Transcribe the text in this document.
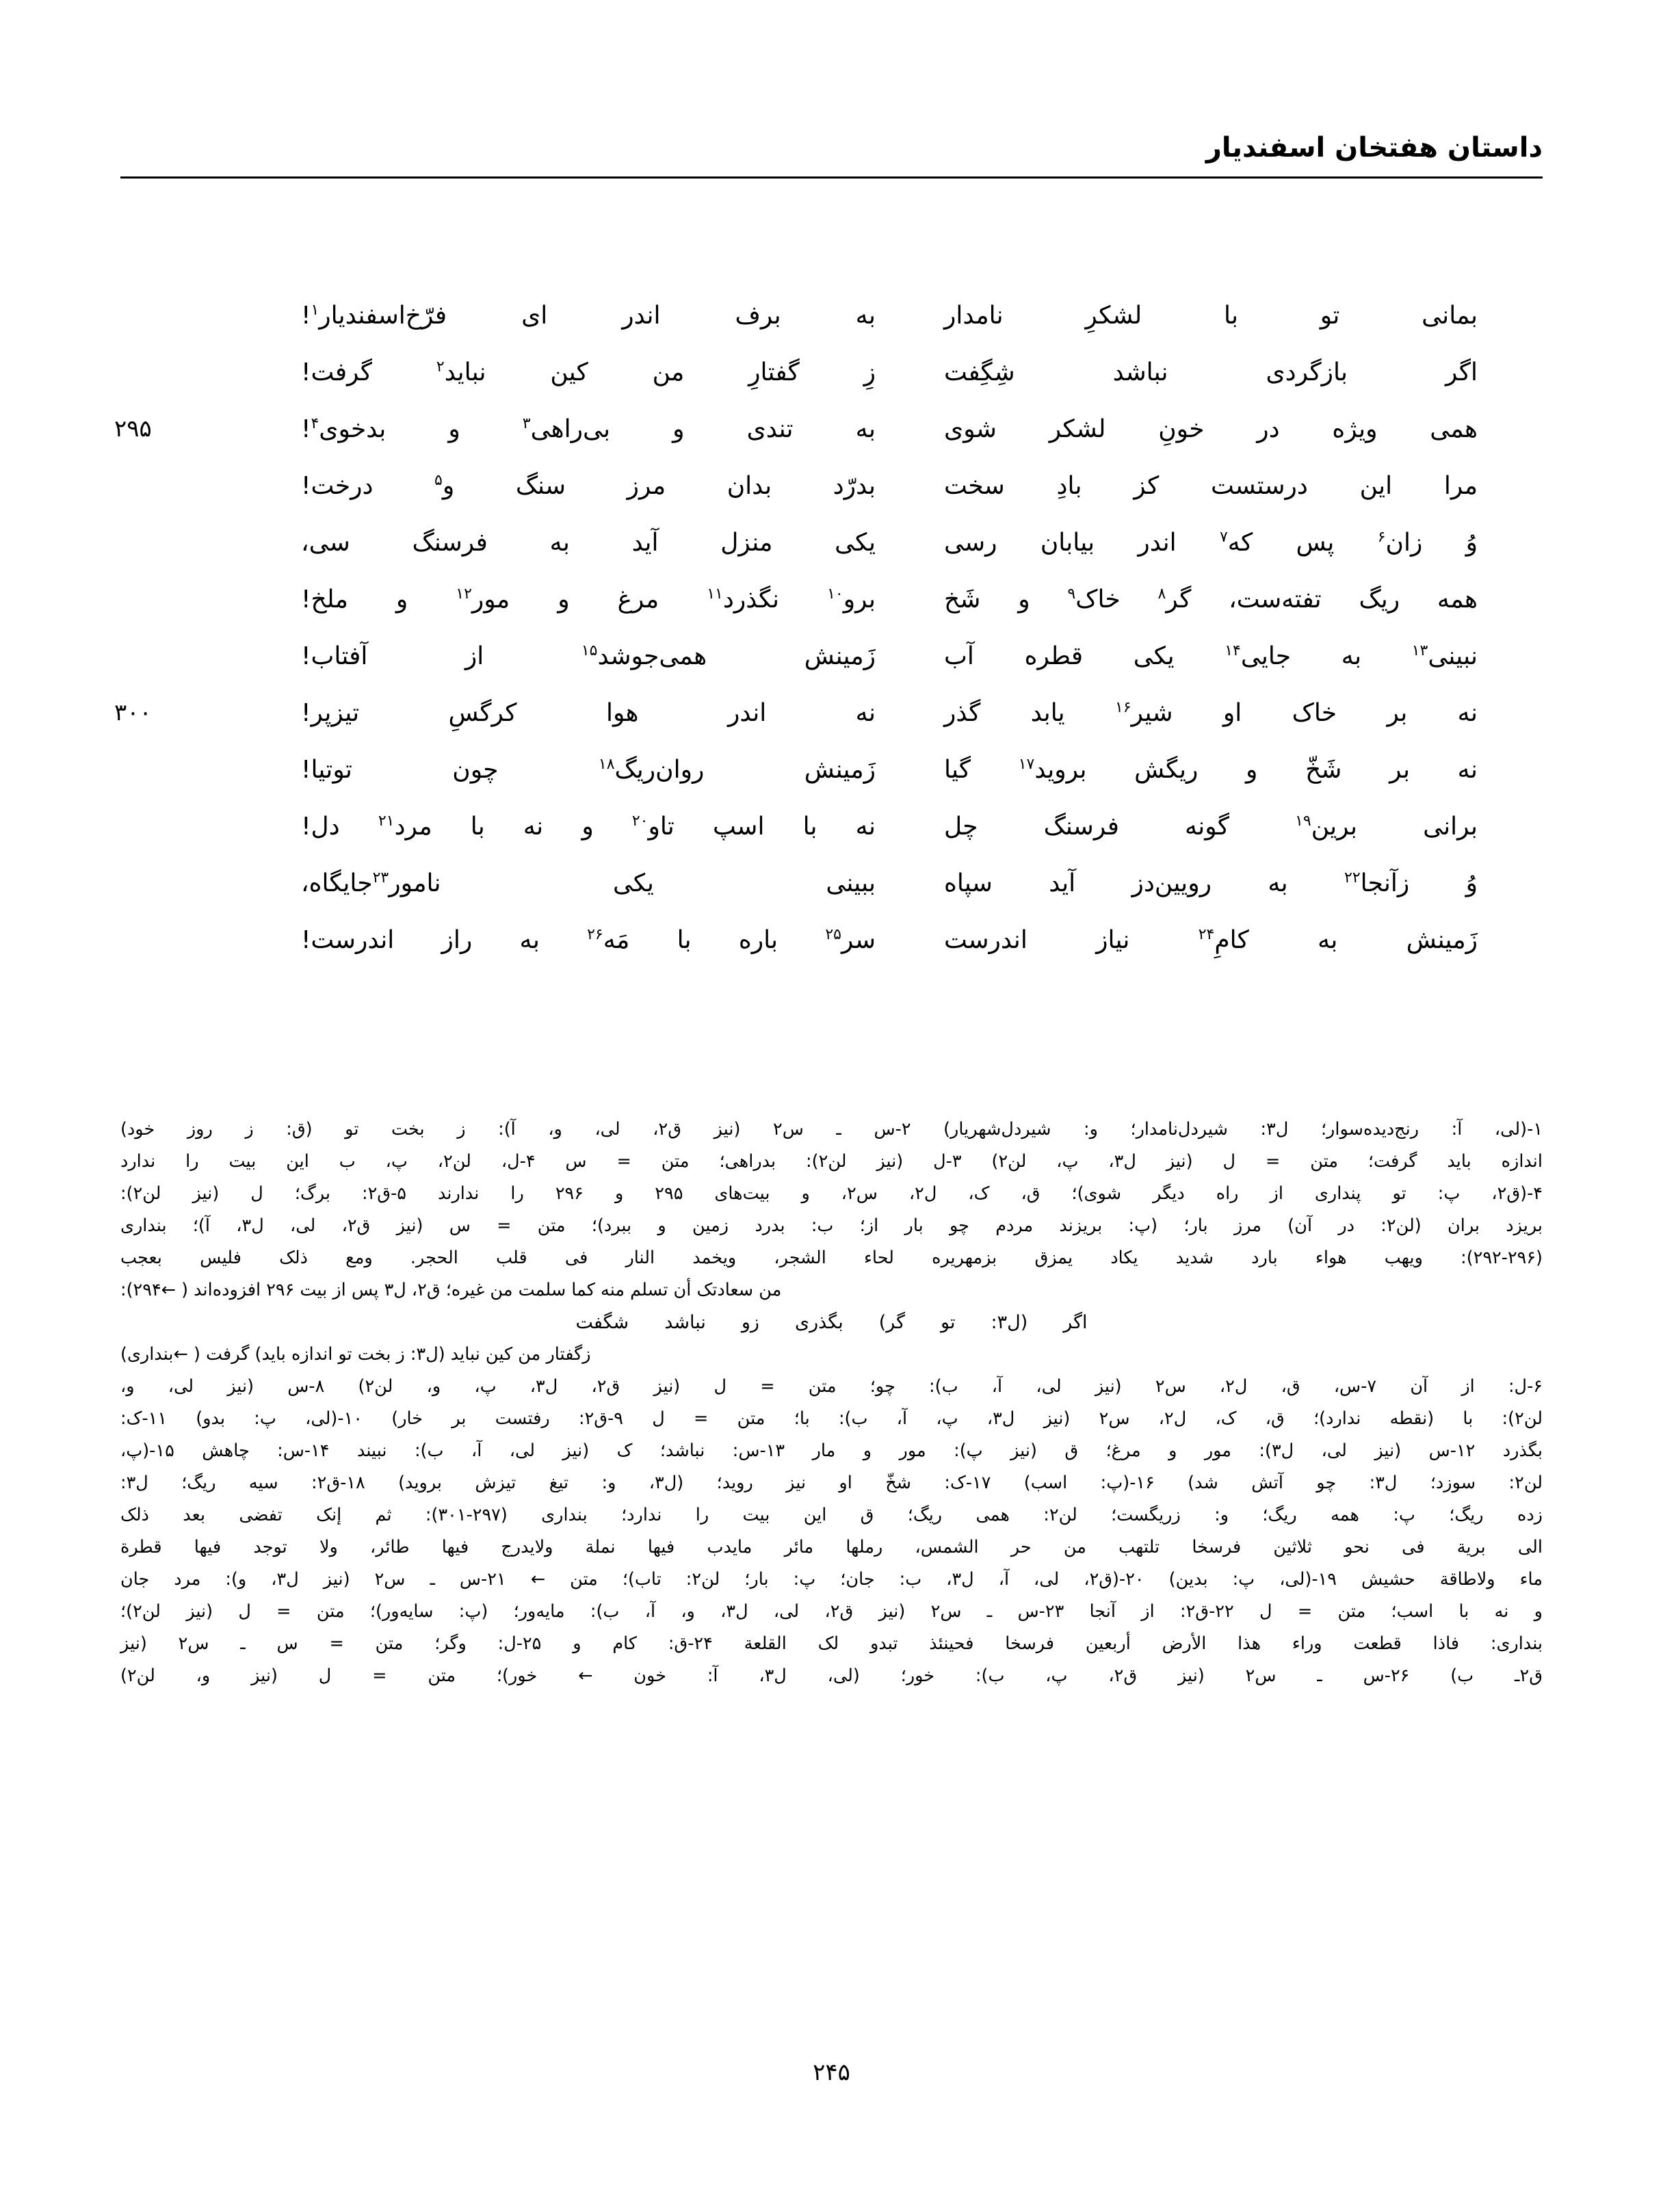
داستان هفتخان اسفندیار
بمانی
تو
با
لشکرِ
نامدار
به
برف
اندر
ای
فرّخ‌اسفندیار$^۱$!
اگر
بازگردی
نباشد
شِگِفت
زِ
گفتارِ
من
کین
نباید$^۲$
گرفت!
۲۹۵	همی
ویژه
در
خونِ
لشکر
شوی
به
تندی
و
بی‌راهی$^۳$
و
بدخوی$^۴$!
مرا
این
درستست
کز
بادِ
سخت
بدرّد
بدان
مرز
سنگ
و$^۵$
درخت!
وُ
زان$^۶$
پس
که$^۷$
اندر
بیابان
رسی
یکی
منزل
آید
به
فرسنگ
سی،
همه
ریگ
تفته‌ست،
گر$^۸$
خاک$^۹$
و
شَخ
برو$^{۱۰}$
نگذرد$^{۱۱}$
مرغ
و
مور$^{۱۲}$
و
ملخ!
نبینی$^{۱۳}$
به
جایی$^{۱۴}$
یکی
قطره
آب
زَمینش
همی‌جوشد$^{۱۵}$
از
آفتاب!
۳۰۰	نه
بر
خاک
او
شیر$^{۱۶}$
یابد
گذر
نه
اندر
هوا
کرگسِ
تیزپر!
نه
بر
شَخّ
و
ریگش
بروید$^{۱۷}$
گیا
زَمینش
روان‌ریگ$^{۱۸}$
چون
توتیا!
برانی
برین$^{۱۹}$
گونه
فرسنگ
چل
نه
با
اسپ
تاو$^{۲۰}$
و
نه
با
مرد$^{۲۱}$
دل!
وُ
زآنجا$^{۲۲}$
به
رویین‌دز
آید
سپاه
ببینی
یکی
نامور$^{۲۳}$جایگاه،
زَمینش
به
کامِ$^{۲۴}$
نیاز
اندرست
سر$^{۲۵}$
باره
با
مَه$^{۲۶}$
به
راز
اندرست!
۱-(لی، آ: رنج‌دیده‌سوار؛ ل۳: شیردل‌نامدار؛ و: شیردل‌شهریار) ۲-س ـ س۲ (نیز ق۲، لی، و، آ): ز بخت تو (ق: ز روز خود)
اندازه باید گرفت؛ متن = ل (نیز ل۳، پ، لن۲) ۳-ل (نیز لن۲): بدراهی؛ متن = س ۴-ل، لن۲، پ، ب این بیت را ندارد
۴-(ق۲، پ: تو پنداری از راه دیگر شوی)؛ ق، ک، ل۲، س۲، و بیت‌های ۲۹۵ و ۲۹۶ را ندارند ۵-ق۲: برگ؛ ل (نیز لن۲):
بریزد بران (لن۲: در آن) مرز بار؛ (پ: بریزند مردم چو بار از؛ ب: بدرد زمین و ببرد)؛ متن = س (نیز ق۲، لی، ل۳، آ)؛ بنداری
(۲۹۲-۲۹۶): ویهب هواء بارد شدید یکاد یمزق بزمهریره لحاء الشجر، ویخمد النار فی قلب الحجر. ومع ذلک فلیس بعجب
من سعادتک أن تسلم منه کما سلمت من غیره؛ ق۲، ل۳ پس از بیت ۲۹۶ افزوده‌اند ( ←۲۹۴):
اگر
(ل۳:
تو
گر)
بگذری
زو
نباشد
شگفت
زگفتار من کین نباید (ل۳: ز بخت تو اندازه باید) گرفت ( ←بنداری)
۶-ل: از آن ۷-س، ق، ل۲، س۲ (نیز لی، آ، ب): چو؛ متن = ل (نیز ق۲، ل۳، پ، و، لن۲) ۸-س (نیز لی، و،
لن۲): با (نقطه ندارد)؛ ق، ک، ل۲، س۲ (نیز ل۳، پ، آ، ب): با؛ متن = ل ۹-ق۲: رفتست بر خار) ۱۰-(لی، پ: بدو) ۱۱-ک:
بگذرد ۱۲-س (نیز لی، ل۳): مور و مرغ؛ ق (نیز پ): مور و مار ۱۳-س: نباشد؛ ک (نیز لی، آ، ب): نبیند ۱۴-س: چاهش ۱۵-(پ،
لن۲: سوزد؛ ل۳: چو آتش شد) ۱۶-(پ: اسب) ۱۷-ک: شخّ او نیز روید؛ (ل۳، و: تیغ تیزش بروید) ۱۸-ق۲: سیه ریگ؛ ل۳:
زده ریگ؛ پ: همه ریگ؛ و: زریگست؛ لن۲: همی ریگ؛ ق این بیت را ندارد؛ بنداری (۲۹۷-۳۰۱): ثم إنک تفضی بعد ذلک
الی بریة فی نحو ثلاثین فرسخا تلتهب من حر الشمس، رملها مائر مایدب فیها نملة ولایدرج فیها طائر، ولا توجد فیها قطرة
ماء ولاطاقة حشیش ۱۹-(لی، پ: بدین) ۲۰-(ق۲، لی، آ، ل۳، ب: جان؛ پ: بار؛ لن۲: تاب)؛ متن ← ۲۱-س ـ س۲ (نیز ل۳، و): مرد جان
و نه با اسب؛ متن = ل ۲۲-ق۲: از آنجا ۲۳-س ـ س۲ (نیز ق۲، لی، ل۳، و، آ، ب): مایه‌ور؛ (پ: سایه‌ور)؛ متن = ل (نیز لن۲)؛
بنداری: فاذا قطعت وراء هذا الأرض أربعین فرسخا فحینئذ تبدو لک القلعة ۲۴-ق: کام و ۲۵-ل: وگر؛ متن = س ـ س۲ (نیز
ق۲ـ ب) ۲۶-س ـ س۲ (نیز ق۲، پ، ب): خور؛ (لی، ل۳، آ: خون ← خور)؛ متن = ل (نیز و، لن۲)
۲۴۵
